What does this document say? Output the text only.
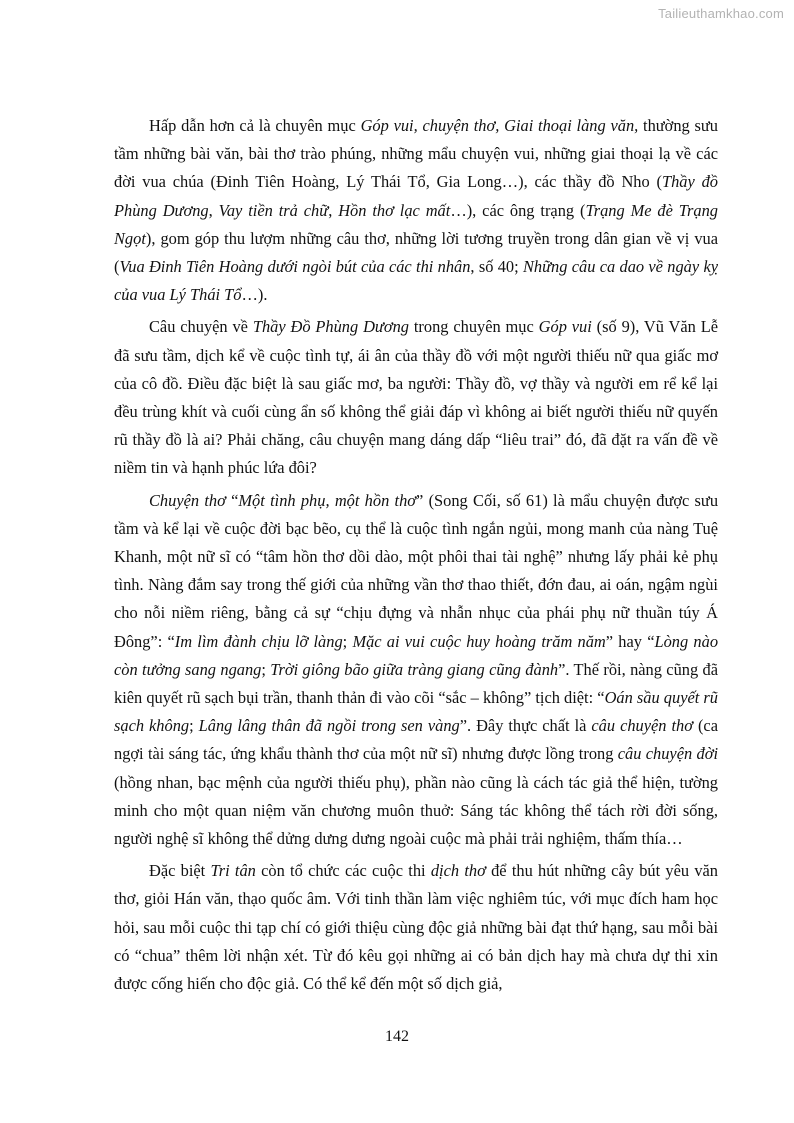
Tailieuthamkhao.com

Hấp dẫn hơn cả là chuyên mục Góp vui, chuyện thơ, Giai thoại làng văn, thường sưu tầm những bài văn, bài thơ trào phúng, những mẩu chuyện vui, những giai thoại lạ về các đời vua chúa (Đinh Tiên Hoàng, Lý Thái Tổ, Gia Long…), các thầy đồ Nho (Thầy đồ Phùng Dương, Vay tiền trả chữ, Hồn thơ lạc mất…), các ông trạng (Trạng Me đè Trạng Ngọt), gom góp thu lượm những câu thơ, những lời tương truyền trong dân gian về vị vua (Vua Đinh Tiên Hoàng dưới ngòi bút của các thi nhân, số 40; Những câu ca dao về ngày kỵ của vua Lý Thái Tổ…).

Câu chuyện về Thầy Đồ Phùng Dương trong chuyên mục Góp vui (số 9), Vũ Văn Lễ đã sưu tầm, dịch kể về cuộc tình tự, ái ân của thầy đồ với một người thiếu nữ qua giấc mơ của cô đồ. Điều đặc biệt là sau giấc mơ, ba người: Thầy đồ, vợ thầy và người em rể kể lại đều trùng khít và cuối cùng ẩn số không thể giải đáp vì không ai biết người thiếu nữ quyến rũ thầy đồ là ai? Phải chăng, câu chuyện mang dáng dấp “liêu trai” đó, đã đặt ra vấn đề về niềm tin và hạnh phúc lứa đôi?

Chuyện thơ “Một tình phụ, một hồn thơ” (Song Cối, số 61) là mẩu chuyện được sưu tầm và kể lại về cuộc đời bạc bẽo, cụ thể là cuộc tình ngắn ngủi, mong manh của nàng Tuệ Khanh, một nữ sĩ có “tâm hồn thơ dồi dào, một phôi thai tài nghệ” nhưng lấy phải kẻ phụ tình. Nàng đắm say trong thế giới của những vần thơ thao thiết, đớn đau, ai oán, ngậm ngùi cho nỗi niềm riêng, bằng cả sự “chịu đựng và nhẫn nhục của phái phụ nữ thuần túy Á Đông”: “Im lìm đành chịu lỡ làng; Mặc ai vui cuộc huy hoàng trăm năm” hay “Lòng nào còn tưởng sang ngang; Trời giông bão giữa tràng giang cũng đành”. Thế rồi, nàng cũng đã kiên quyết rũ sạch bụi trần, thanh thản đi vào cõi “sắc – không” tịch diệt: “Oán sầu quyết rũ sạch không; Lâng lâng thân đã ngồi trong sen vàng”. Đây thực chất là câu chuyện thơ (ca ngợi tài sáng tác, ứng khẩu thành thơ của một nữ sĩ) nhưng được lồng trong câu chuyện đời (hồng nhan, bạc mệnh của người thiếu phụ), phần nào cũng là cách tác giả thể hiện, tường minh cho một quan niệm văn chương muôn thuở: Sáng tác không thể tách rời đời sống, người nghệ sĩ không thể dửng dưng dưng ngoài cuộc mà phải trải nghiệm, thấm thía…

Đặc biệt Tri tân còn tổ chức các cuộc thi dịch thơ để thu hút những cây bút yêu văn thơ, giỏi Hán văn, thạo quốc âm. Với tinh thần làm việc nghiêm túc, với mục đích ham học hỏi, sau mỗi cuộc thi tạp chí có giới thiệu cùng độc giả những bài đạt thứ hạng, sau mỗi bài có “chua” thêm lời nhận xét. Từ đó kêu gọi những ai có bản dịch hay mà chưa dự thi xin được cống hiến cho độc giả. Có thể kể đến một số dịch giả,

142
